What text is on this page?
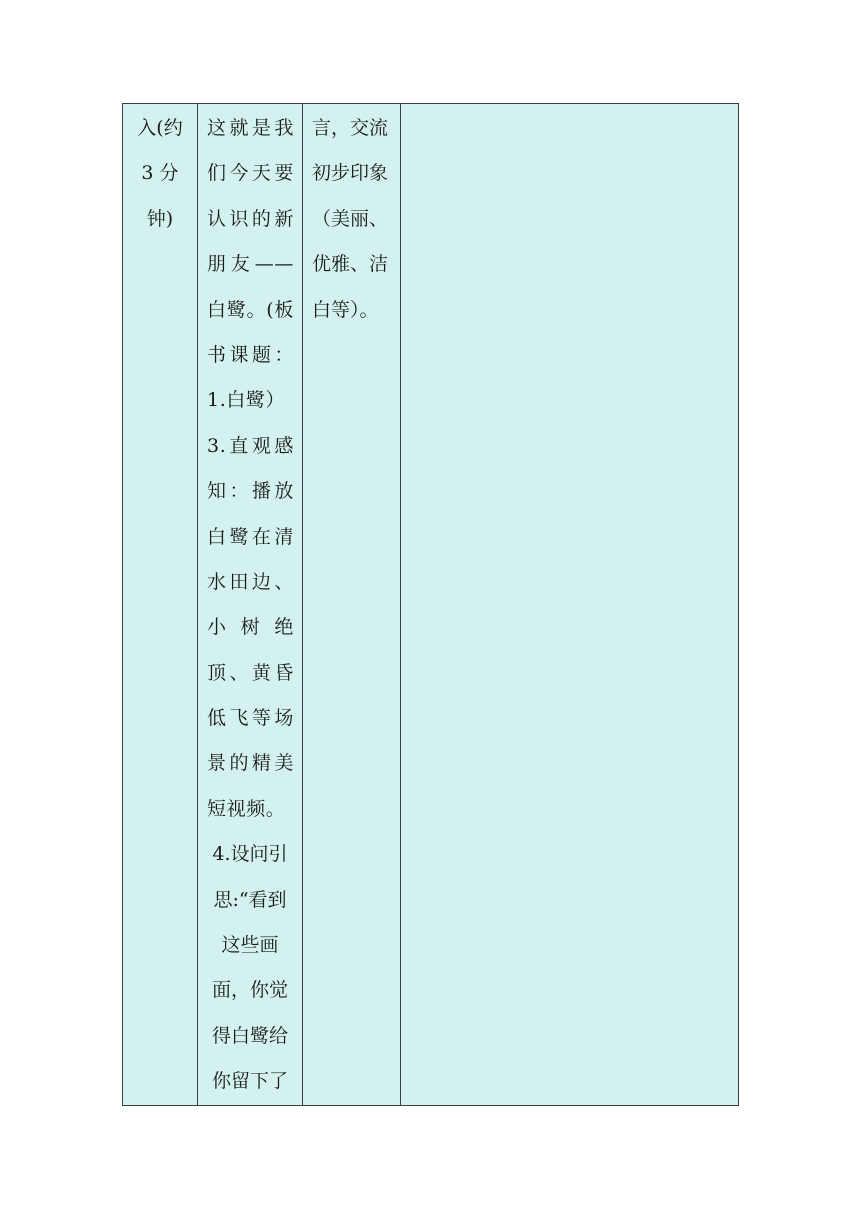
入(约
3 分
钟)

这就是我
们今天要
认识的新
朋友——
白鹭。(板
书课题：
1.白鹭）
3.直观感
知：播放
白鹭在清
水田边、
小 树 绝
顶、黄昏
低飞等场
景的精美
短视频。
4.设问引
思:“看到
这些画
面，你觉
得白鹭给
你留下了

言，交流
初步印象
（美丽、
优雅、洁
白等）。
